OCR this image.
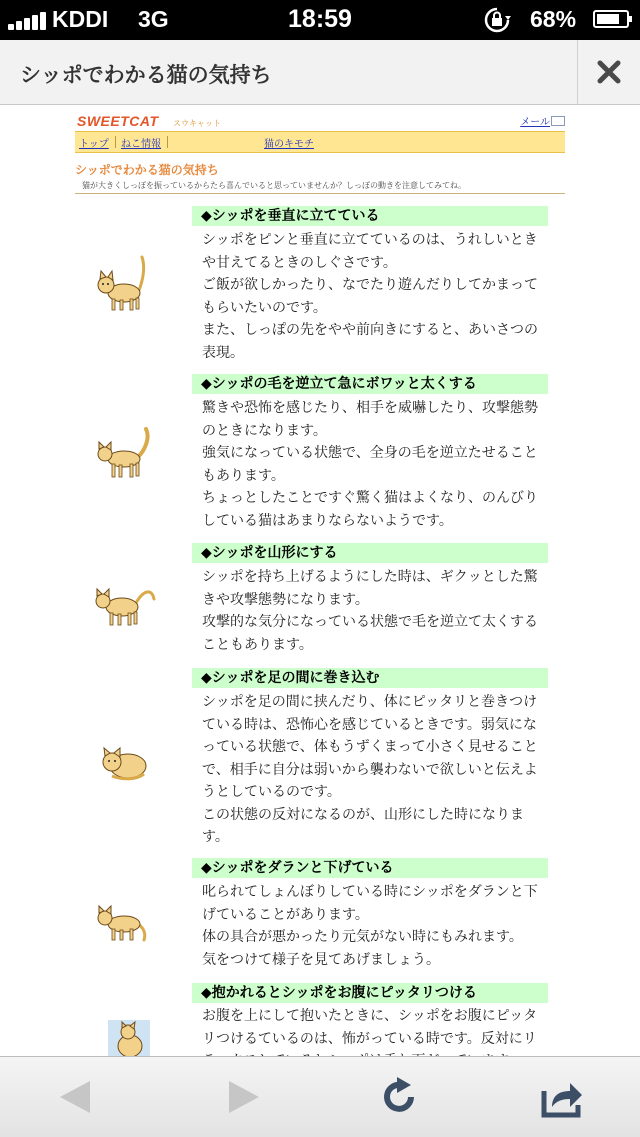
KDDI 3G	18:59	68%
シッポでわかる猫の気持ち
SWEETCAT スウキャット	メール
トップ ねこ情報	猫のキモチ
シッポでわかる猫の気持ち
猫が大きくしっぽを振っているからたら喜んでいると思っていませんか？しっぽの動きを注意してみてね。
◆シッポを垂直に立てている

シッポをピンと垂直に立てているのは、うれしいとき
や甘えてるときのしぐさです。
ご飯が欲しかったり、なでたり遊んだりしてかまって
もらいたいのです。
また、しっぽの先をやや前向きにすると、あいさつの
表現。

◆シッポの毛を逆立て急にボワッと太くする

驚きや恐怖を感じたり、相手を威嚇したり、攻撃態勢
のときになります。
強気になっている状態で、全身の毛を逆立たせること
もあります。
ちょっとしたことですぐ驚く猫はよくなり、のんびり
している猫はあまりならないようです。

◆シッポを山形にする

シッポを持ち上げるようにした時は、ギクッとした驚
きや攻撃態勢になります。
攻撃的な気分になっている状態で毛を逆立て太くする
こともあります。

◆シッポを足の間に巻き込む

シッポを足の間に挟んだり、体にピッタリと巻きつけ
ている時は、恐怖心を感じているときです。弱気にな
っている状態で、体もうずくまって小さく見せること
で、相手に自分は弱いから襲わないで欲しいと伝えよ
うとしているのです。
この状態の反対になるのが、山形にした時になりま
す。

◆シッポをダランと下げている

叱られてしょんぼりしている時にシッポをダランと下
げていることがあります。
体の具合が悪かったり元気がない時にもみれます。
気をつけて様子を見てあげましょう。

◆抱かれるとシッポをお腹にピッタリつける

お腹を上にして抱いたときに、シッポをお腹にピッタ
リつけるているのは、怖がっている時です。反対にリ
